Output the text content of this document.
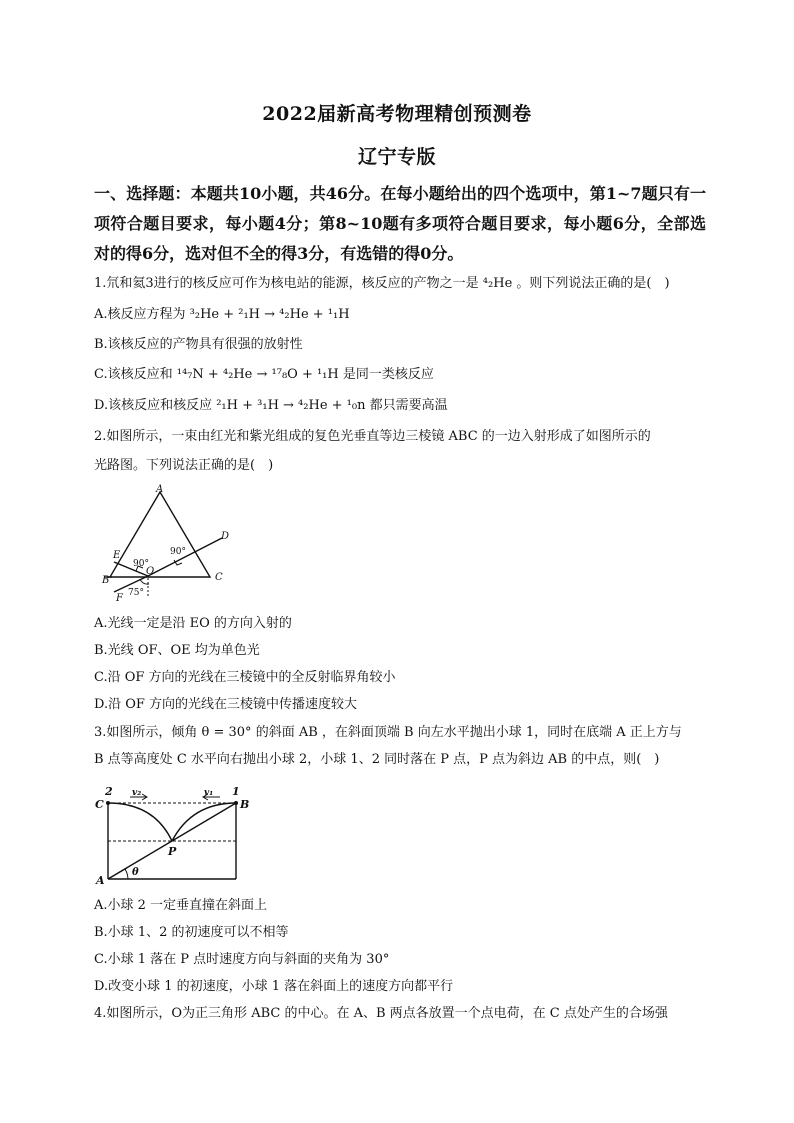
2022届新高考物理精创预测卷
辽宁专版
一、选择题：本题共10小题，共46分。在每小题给出的四个选项中，第1~7题只有一项符合题目要求，每小题4分；第8~10题有多项符合题目要求，每小题6分，全部选对的得6分，选对但不全的得3分，有选错的得0分。
1.氘和氦3进行的核反应可作为核电站的能源，核反应的产物之一是 ⁴₂He 。则下列说法正确的是(　)
A.核反应方程为 ³₂He + ²₁H → ⁴₂He + ¹₁H
B.该核反应的产物具有很强的放射性
C.该核反应和 ¹⁴₇N + ⁴₂He → ¹⁷₈O + ¹₁H 是同一类核反应
D.该核反应和核反应 ²₁H + ³₁H → ⁴₂He + ¹₀n 都只需要高温
2.如图所示，一束由红光和紫光组成的复色光垂直等边三棱镜 ABC 的一边入射形成了如图所示的
光路图。下列说法正确的是(　)
A
B	C
D
E
F
O
90°
90°
75°
A.光线一定是沿 EO 的方向入射的
B.光线 OF、OE 均为单色光
C.沿 OF 方向的光线在三棱镜中的全反射临界角较小
D.沿 OF 方向的光线在三棱镜中传播速度较大
3.如图所示，倾角 θ = 30° 的斜面 AB ，在斜面顶端 B 向左水平抛出小球 1，同时在底端 A 正上方与
B 点等高度处 C 水平向右抛出小球 2，小球 1、2 同时落在 P 点，P 点为斜边 AB 的中点，则(　)
C
2 v₂	v₁ 1
B
P
A
θ
A.小球 2 一定垂直撞在斜面上
B.小球 1、2 的初速度可以不相等
C.小球 1 落在 P 点时速度方向与斜面的夹角为 30°
D.改变小球 1 的初速度，小球 1 落在斜面上的速度方向都平行
4.如图所示，O为正三角形 ABC 的中心。在 A、B 两点各放置一个点电荷，在 C 点处产生的合场强
